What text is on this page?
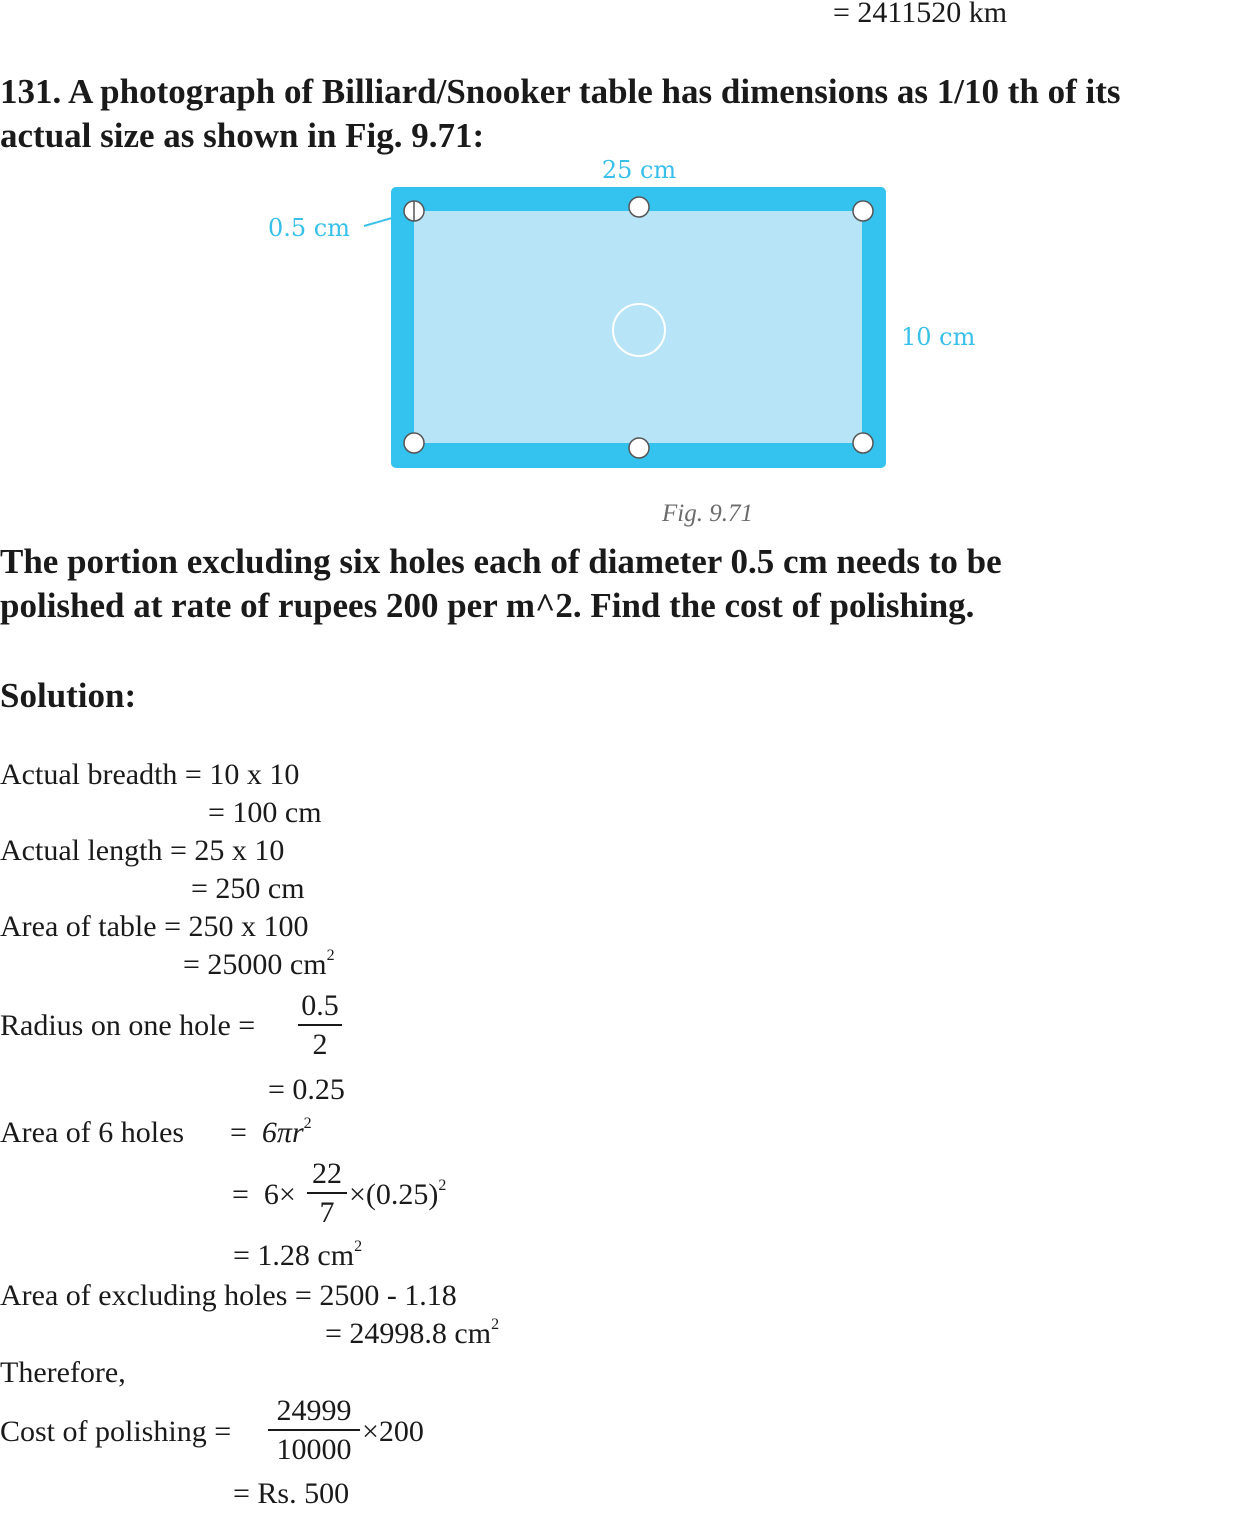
= 2411520 km
131. A photograph of Billiard/Snooker table has dimensions as 1/10 th of its
actual size as shown in Fig. 9.71:
25 cm
0.5 cm
10 cm
Fig. 9.71
The portion excluding six holes each of diameter 0.5 cm needs to be
polished at rate of rupees 200 per m^2. Find the cost of polishing.
Solution:
Actual breadth = 10 x 10
= 100 cm
Actual length = 25 x 10
= 250 cm
Area of table = 250 x 100
= 25000 $cm^2$
Radius on one hole =
0.5
2
= 0.25
Area of 6 holes = $6\pi r^2$
= 6×
22
7
$\times(0.25)^2$
= 1.28 $cm^2$
Area of excluding holes = 2500 - 1.18
= 24998.8 $cm^2$
Therefore,
Cost of polishing =
24999
10000
×200
= Rs. 500
